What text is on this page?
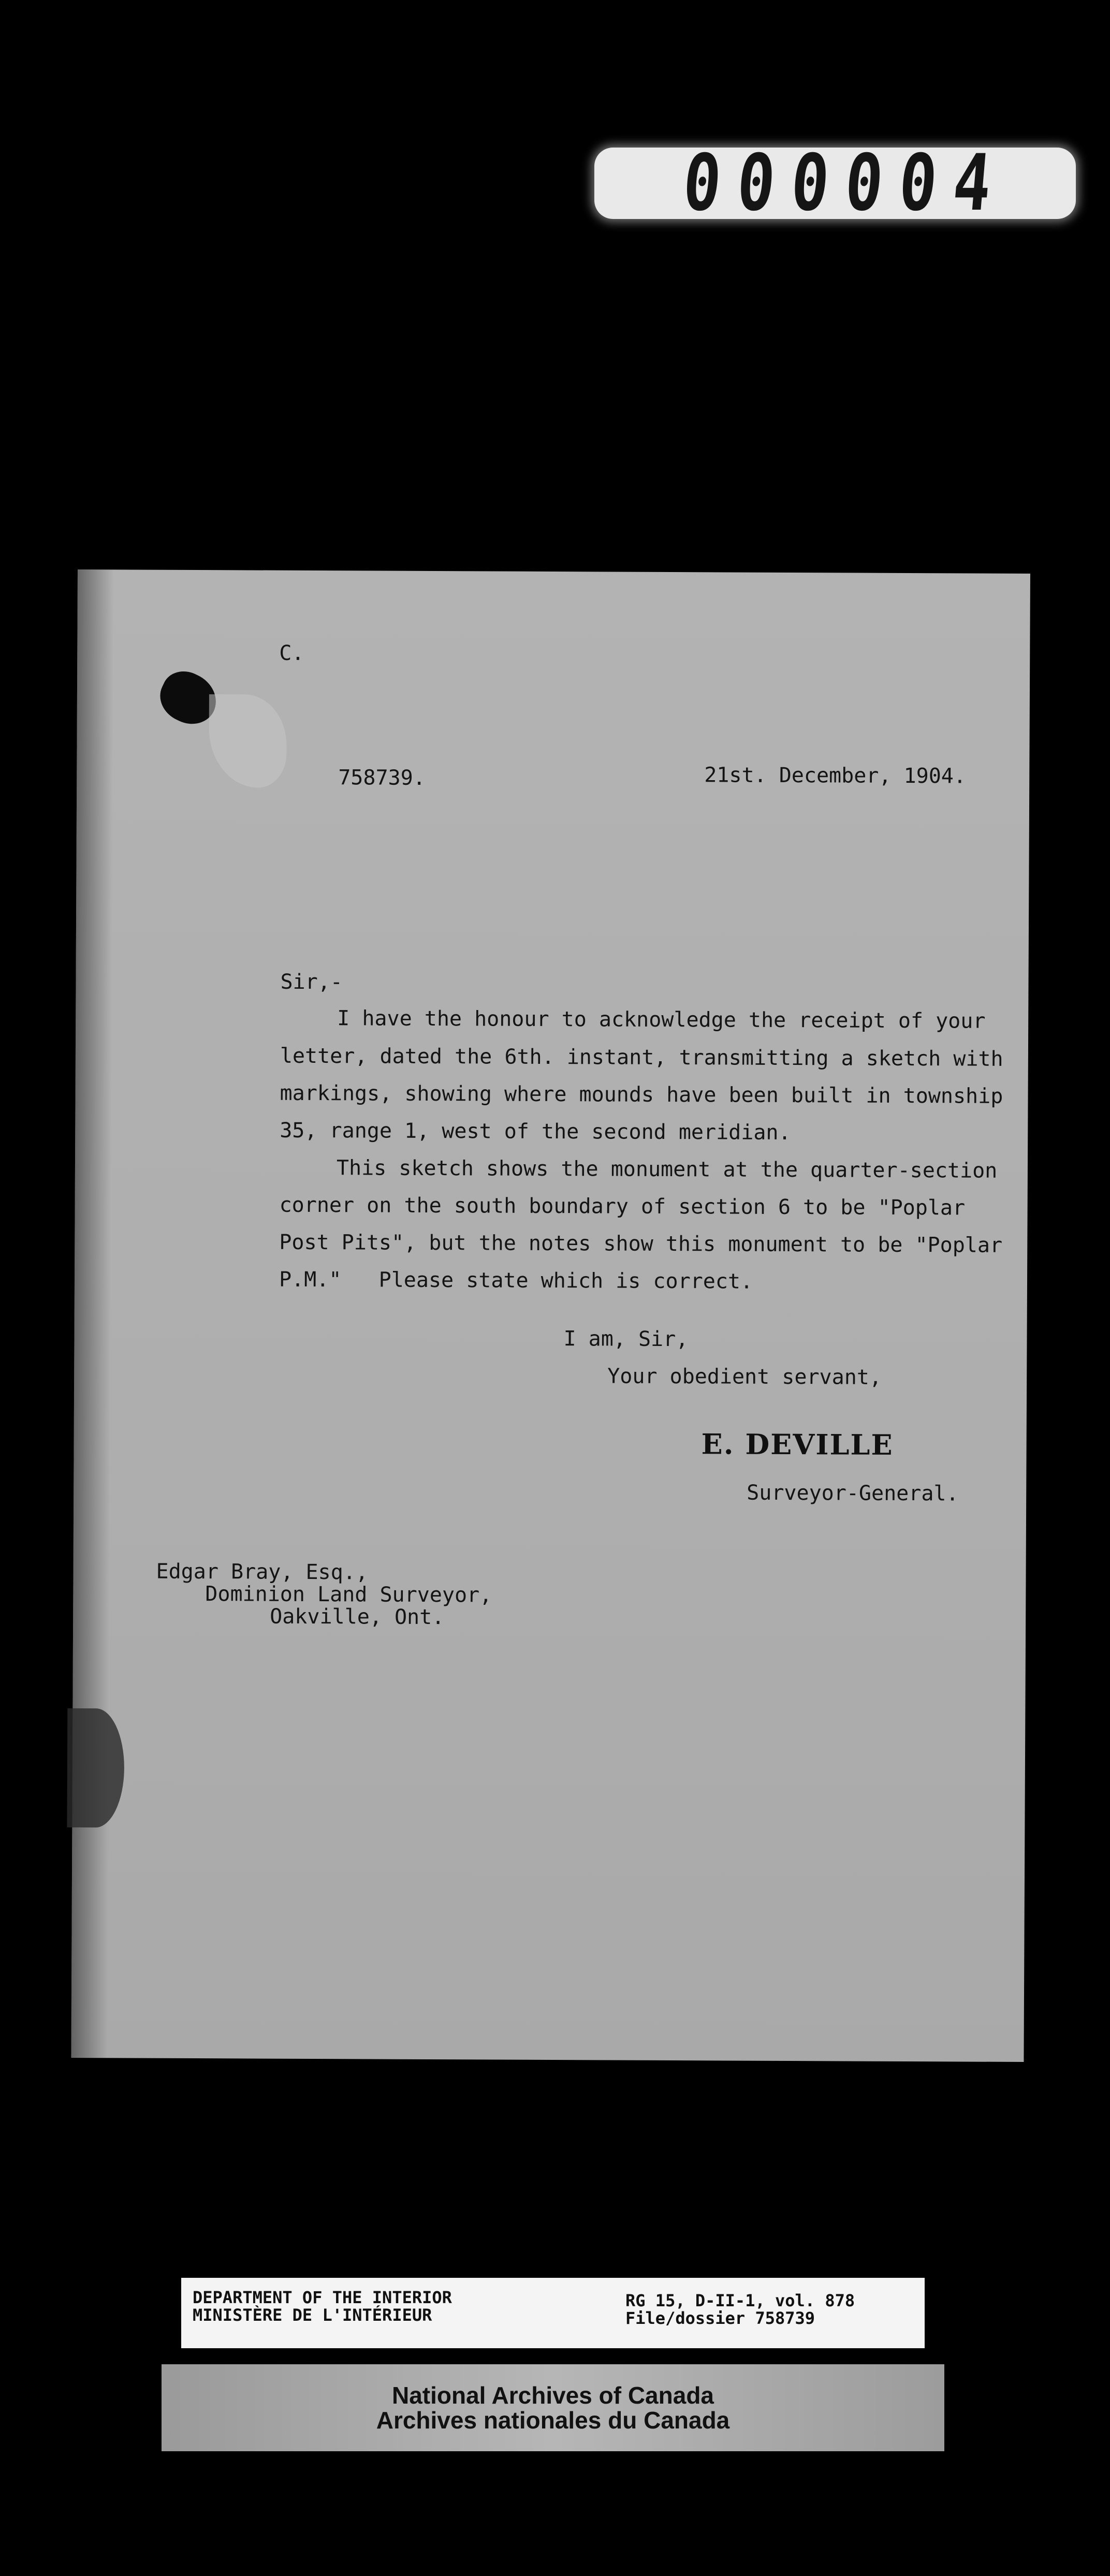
000004
C.
758739.	21st. December, 1904.
Sir,-
I have the honour to acknowledge the receipt of your
letter, dated the 6th. instant, transmitting a sketch with
markings, showing where mounds have been built in township
35, range 1, west of the second meridian.
This sketch shows the monument at the quarter-section
corner on the south boundary of section 6 to be "Poplar
Post Pits", but the notes show this monument to be "Poplar
P.M."   Please state which is correct.
I am, Sir,
Your obedient servant,
E. DEVILLE
Surveyor-General.
Edgar Bray, Esq.,
Dominion Land Surveyor,
Oakville, Ont.
DEPARTMENT OF THE INTERIOR
MINISTÈRE DE L'INTÉRIEUR
RG 15, D-II-1, vol. 878
File/dossier 758739
National Archives of Canada
Archives nationales du Canada
